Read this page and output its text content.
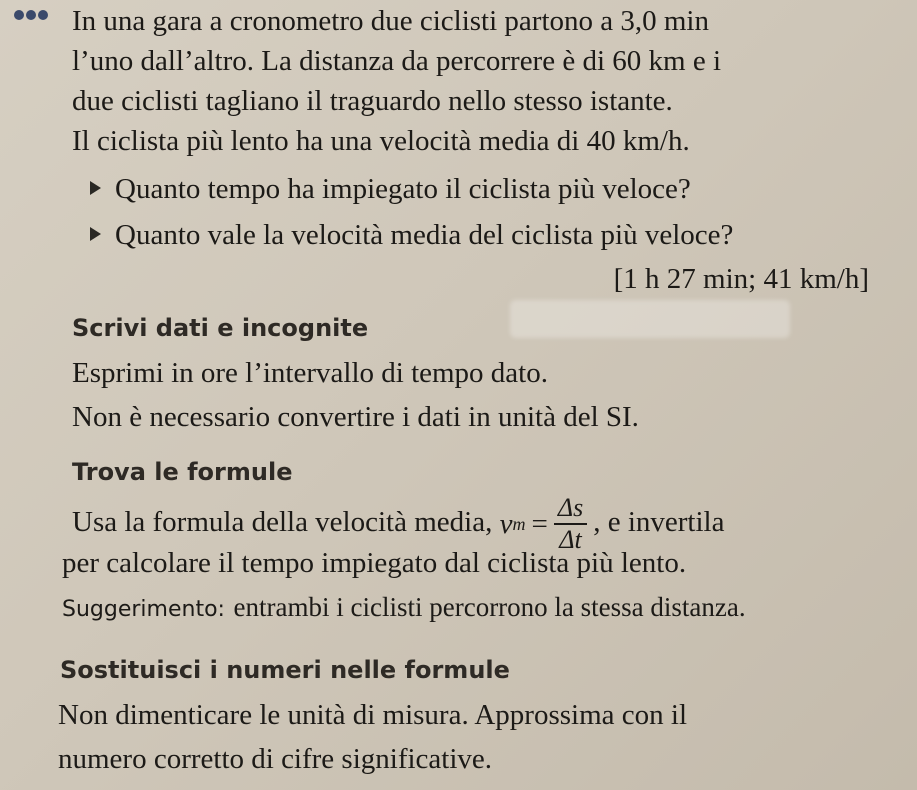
In una gara a cronometro due ciclisti partono a 3,0 min
l’uno dall’altro. La distanza da percorrere è di 60 km e i
due ciclisti tagliano il traguardo nello stesso istante.
Il ciclista più lento ha una velocità media di 40 km/h.
Quanto tempo ha impiegato il ciclista più veloce?
Quanto vale la velocità media del ciclista più veloce?
[1 h 27 min; 41 km/h]
Scrivi dati e incognite
Esprimi in ore l’intervallo di tempo dato.
Non è necessario convertire i dati in unità del SI.
Trova le formule
Usa la formula della velocità media, v $m = \frac{\Delta s}{\Delta t}$ , e invertila
per calcolare il tempo impiegato dal ciclista più lento.
Suggerimento: entrambi i ciclisti percorrono la stessa distanza.
Sostituisci i numeri nelle formule
Non dimenticare le unità di misura. Approssima con il
numero corretto di cifre significative.
